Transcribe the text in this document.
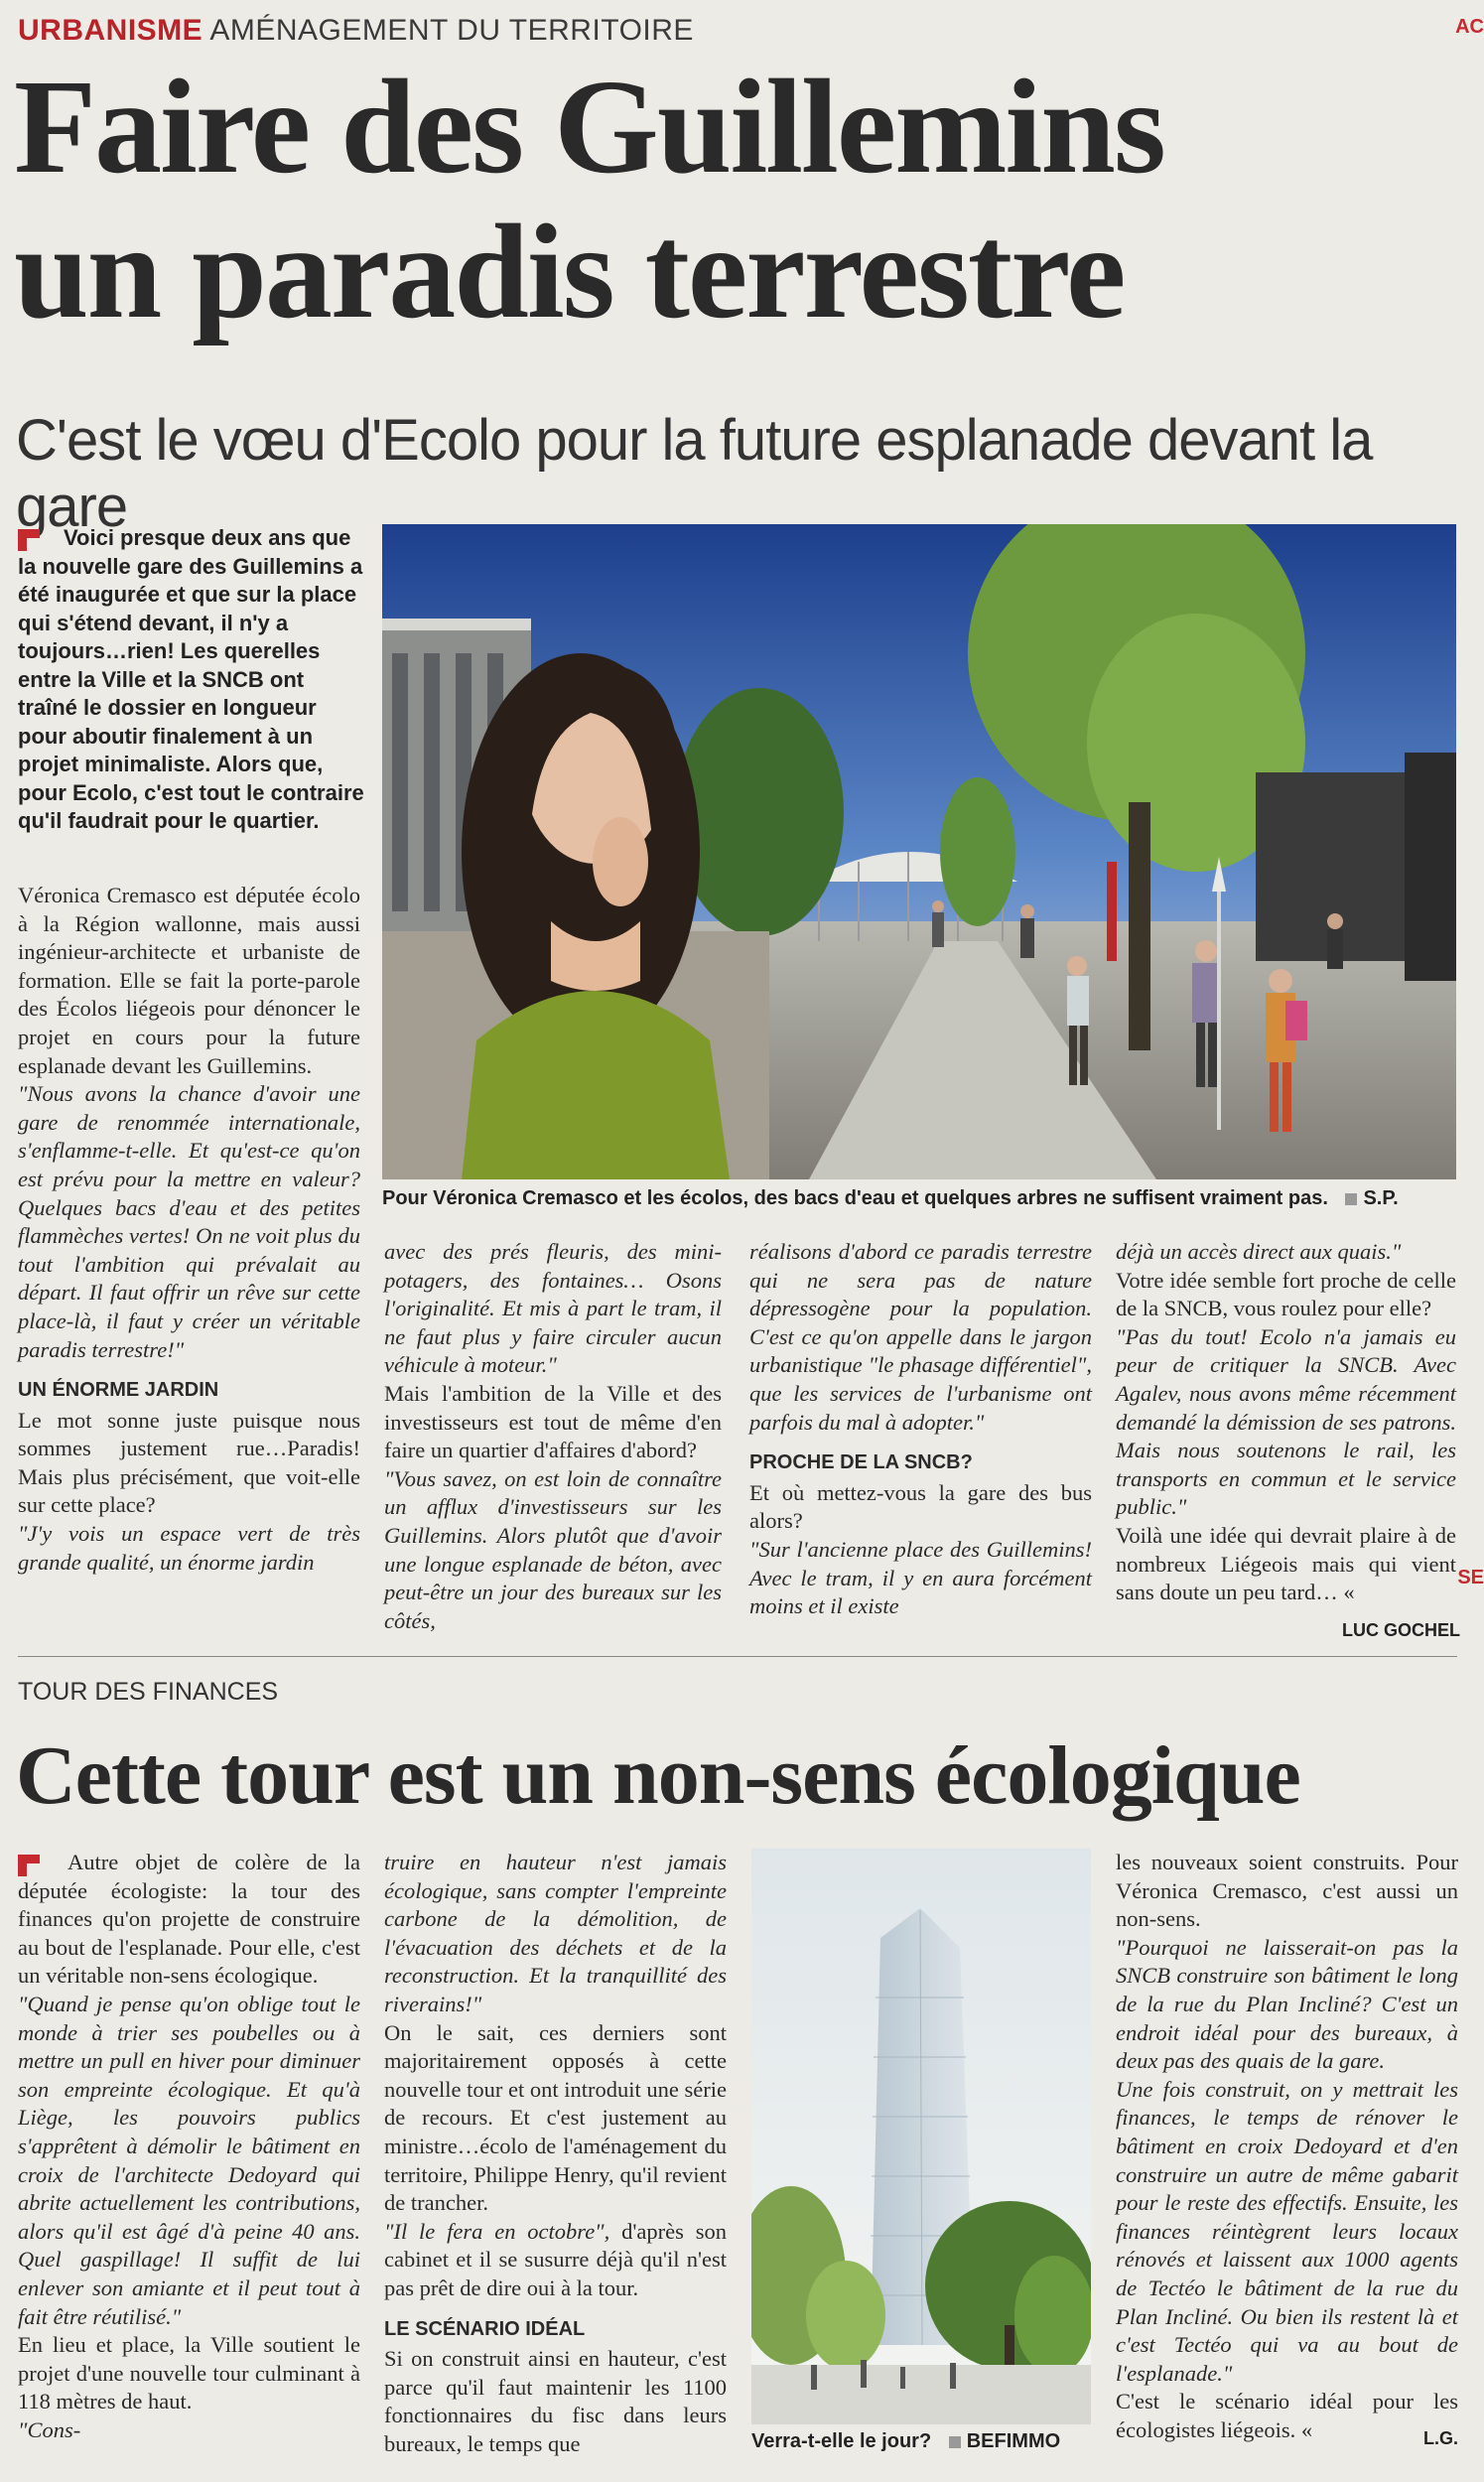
URBANISME AMÉNAGEMENT DU TERRITOIRE
Faire des Guillemins
un paradis terrestre
C'est le vœu d'Ecolo pour la future esplanade devant la gare

Voici presque deux ans que la nouvelle gare des Guillemins a été inaugurée et que sur la place qui s'étend devant, il n'y a toujours…rien! Les querelles entre la Ville et la SNCB ont traîné le dossier en longueur pour aboutir finalement à un projet minimaliste. Alors que, pour Ecolo, c'est tout le contraire qu'il faudrait pour le quartier.

Pour Véronica Cremasco et les écolos, des bacs d'eau et quelques arbres ne suffisent vraiment pas. S.P.

Véronica Cremasco est députée écolo à la Région wallonne, mais aussi ingénieur-architecte et urbaniste de formation. Elle se fait la porte-parole des Écolos liégeois pour dénoncer le projet en cours pour la future esplanade devant les Guillemins.

"Nous avons la chance d'avoir une gare de renommée internationale, s'enflamme-t-elle. Et qu'est-ce qu'on est prévu pour la mettre en valeur? Quelques bacs d'eau et des petites flammèches vertes! On ne voit plus du tout l'ambition qui prévalait au départ. Il faut offrir un rêve sur cette place-là, il faut y créer un véritable paradis terrestre!"

UN ÉNORME JARDIN

Le mot sonne juste puisque nous sommes justement rue…Paradis! Mais plus précisément, que voit-elle sur cette place?

"J'y vois un espace vert de très grande qualité, un énorme jardin

avec des prés fleuris, des mini-potagers, des fontaines… Osons l'originalité. Et mis à part le tram, il ne faut plus y faire circuler aucun véhicule à moteur."

Mais l'ambition de la Ville et des investisseurs est tout de même d'en faire un quartier d'affaires d'abord?

"Vous savez, on est loin de connaître un afflux d'investisseurs sur les Guillemins. Alors plutôt que d'avoir une longue esplanade de béton, avec peut-être un jour des bureaux sur les côtés,

réalisons d'abord ce paradis terrestre qui ne sera pas de nature dépressogène pour la population. C'est ce qu'on appelle dans le jargon urbanistique "le phasage différentiel", que les services de l'urbanisme ont parfois du mal à adopter."

PROCHE DE LA SNCB?

Et où mettez-vous la gare des bus alors?

"Sur l'ancienne place des Guillemins! Avec le tram, il y en aura forcément moins et il existe

déjà un accès direct aux quais."

Votre idée semble fort proche de celle de la SNCB, vous roulez pour elle?

"Pas du tout! Ecolo n'a jamais eu peur de critiquer la SNCB. Avec Agalev, nous avons même récemment demandé la démission de ses patrons. Mais nous soutenons le rail, les transports en commun et le service public."

Voilà une idée qui devrait plaire à de nombreux Liégeois mais qui vient sans doute un peu tard… «

LUC GOCHEL
TOUR DES FINANCES
Cette tour est un non-sens écologique

Autre objet de colère de la députée écologiste: la tour des finances qu'on projette de construire au bout de l'esplanade. Pour elle, c'est un véritable non-sens écologique.

"Quand je pense qu'on oblige tout le monde à trier ses poubelles ou à mettre un pull en hiver pour diminuer son empreinte écologique. Et qu'à Liège, les pouvoirs publics s'apprêtent à démolir le bâtiment en croix de l'architecte Dedoyard qui abrite actuellement les contributions, alors qu'il est âgé d'à peine 40 ans. Quel gaspillage! Il suffit de lui enlever son amiante et il peut tout à fait être réutilisé."

En lieu et place, la Ville soutient le projet d'une nouvelle tour culminant à 118 mètres de haut.

"Cons-

truire en hauteur n'est jamais écologique, sans compter l'empreinte carbone de la démolition, de l'évacuation des déchets et de la reconstruction. Et la tranquillité des riverains!"

On le sait, ces derniers sont majoritairement opposés à cette nouvelle tour et ont introduit une série de recours. Et c'est justement au ministre…écolo de l'aménagement du territoire, Philippe Henry, qu'il revient de trancher.

"Il le fera en octobre", d'après son cabinet et il se susurre déjà qu'il n'est pas prêt de dire oui à la tour.

LE SCÉNARIO IDÉAL

Si on construit ainsi en hauteur, c'est parce qu'il faut maintenir les 1100 fonctionnaires du fisc dans leurs bureaux, le temps que	Verra-t-elle le jour? BEFIMMO

les nouveaux soient construits. Pour Véronica Cremasco, c'est aussi un non-sens.

"Pourquoi ne laisserait-on pas la SNCB construire son bâtiment le long de la rue du Plan Incliné? C'est un endroit idéal pour des bureaux, à deux pas des quais de la gare.

Une fois construit, on y mettrait les finances, le temps de rénover le bâtiment en croix Dedoyard et d'en construire un autre de même gabarit pour le reste des effectifs. Ensuite, les finances réintègrent leurs locaux rénovés et laissent aux 1000 agents de Tectéo le bâtiment de la rue du Plan Incliné. Ou bien ils restent là et c'est Tectéo qui va au bout de l'esplanade."

C'est le scénario idéal pour les écologistes liégeois. «	L.G.
AC
SE
